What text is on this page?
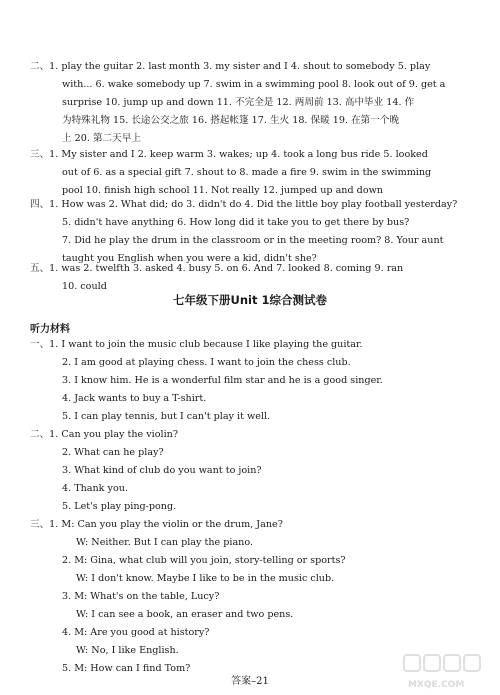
二、1. play the guitar 2. last month 3. my sister and I 4. shout to somebody 5. play
with... 6. wake somebody up 7. swim in a swimming pool 8. look out of 9. get a
surprise 10. jump up and down 11. 不完全是 12. 两周前 13. 高中毕业 14. 作
为特殊礼物 15. 长途公交之旅 16. 搭起帐篷 17. 生火 18. 保暖 19. 在第一个晚
上 20. 第二天早上
三、1. My sister and I 2. keep warm 3. wakes; up 4. took a long bus ride 5. looked
out of 6. as a special gift 7. shout to 8. made a fire 9. swim in the swimming
pool 10. finish high school 11. Not really 12. jumped up and down
四、1. How was 2. What did; do 3. didn't do 4. Did the little boy play football yesterday?
5. didn't have anything 6. How long did it take you to get there by bus?
7. Did he play the drum in the classroom or in the meeting room? 8. Your aunt
taught you English when you were a kid, didn't she?
五、1. was 2. twelfth 3. asked 4. busy 5. on 6. And 7. looked 8. coming 9. ran
10. could
七年级下册Unit 1综合测试卷
听力材料
一、1. I want to join the music club because I like playing the guitar.
2. I am good at playing chess. I want to join the chess club.
3. I know him. He is a wonderful film star and he is a good singer.
4. Jack wants to buy a T-shirt.
5. I can play tennis, but I can't play it well.
二、1. Can you play the violin?
2. What can he play?
3. What kind of club do you want to join?
4. Thank you.
5. Let's play ping-pong.
三、1. M: Can you play the violin or the drum, Jane?
W: Neither. But I can play the piano.
2. M: Gina, what club will you join, story-telling or sports?
W: I don't know. Maybe I like to be in the music club.
3. M: What's on the table, Lucy?
W: I can see a book, an eraser and two pens.
4. M: Are you good at history?
W: No, I like English.
5. M: How can I find Tom?
答案–21	MXQE.COM
